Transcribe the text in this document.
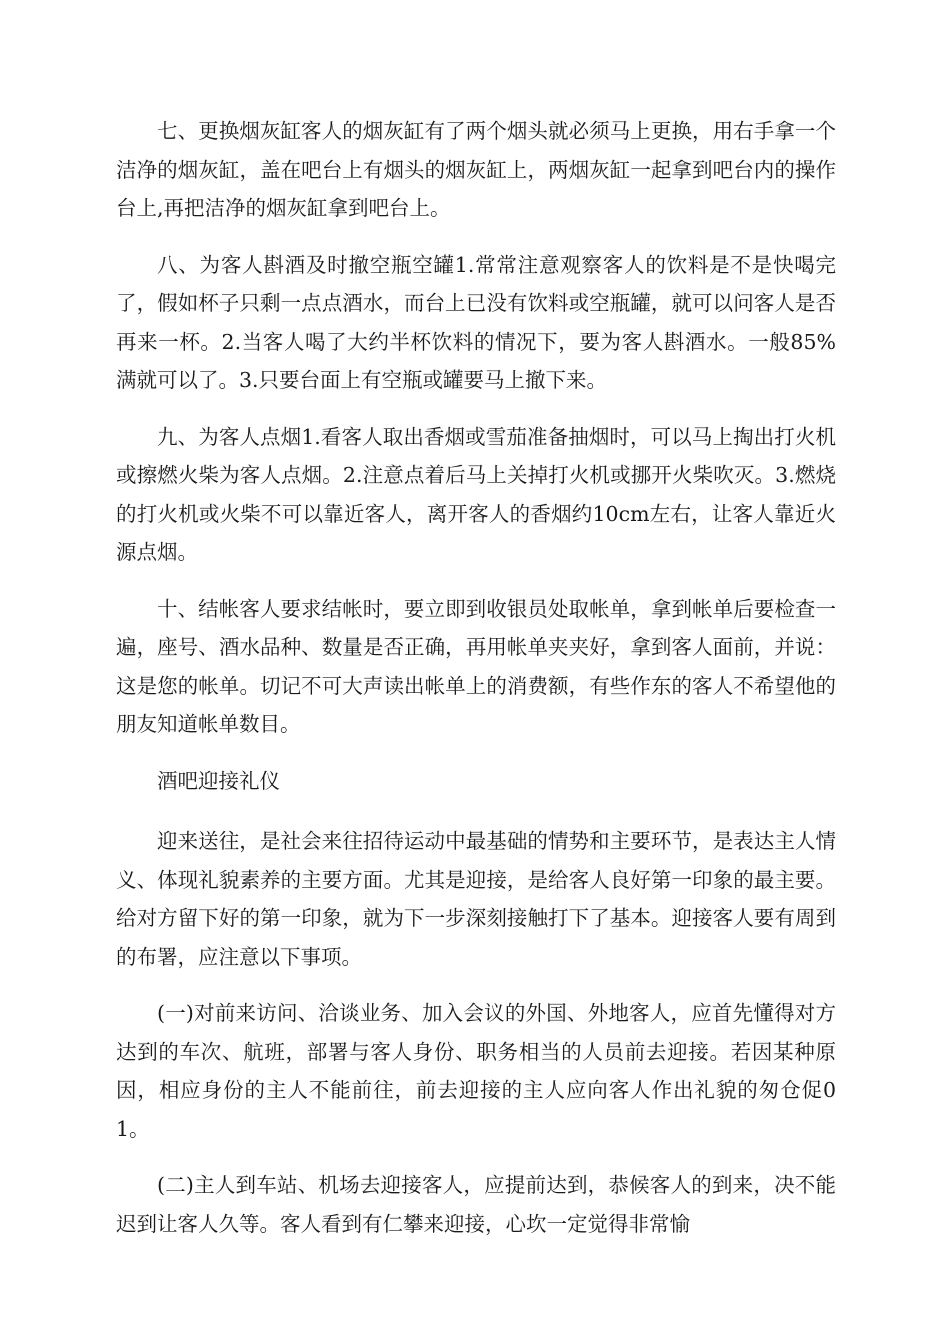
七、更换烟灰缸客人的烟灰缸有了两个烟头就必须马上更换，用右手拿一个洁净的烟灰缸，盖在吧台上有烟头的烟灰缸上，两烟灰缸一起拿到吧台内的操作台上,再把洁净的烟灰缸拿到吧台上。

八、为客人斟酒及时撤空瓶空罐1.常常注意观察客人的饮料是不是快喝完了，假如杯子只剩一点点酒水，而台上已没有饮料或空瓶罐，就可以问客人是否再来一杯。2.当客人喝了大约半杯饮料的情况下，要为客人斟酒水。一般85%满就可以了。3.只要台面上有空瓶或罐要马上撤下来。

九、为客人点烟1.看客人取出香烟或雪茄准备抽烟时，可以马上掏出打火机或擦燃火柴为客人点烟。2.注意点着后马上关掉打火机或挪开火柴吹灭。3.燃烧的打火机或火柴不可以靠近客人，离开客人的香烟约10cm左右，让客人靠近火源点烟。

十、结帐客人要求结帐时，要立即到收银员处取帐单，拿到帐单后要检查一遍，座号、酒水品种、数量是否正确，再用帐单夹夹好，拿到客人面前，并说：这是您的帐单。切记不可大声读出帐单上的消费额，有些作东的客人不希望他的朋友知道帐单数目。

酒吧迎接礼仪

迎来送往，是社会来往招待运动中最基础的情势和主要环节，是表达主人情义、体现礼貌素养的主要方面。尤其是迎接，是给客人良好第一印象的最主要。给对方留下好的第一印象，就为下一步深刻接触打下了基本。迎接客人要有周到的布署，应注意以下事项。

(一)对前来访问、洽谈业务、加入会议的外国、外地客人，应首先懂得对方达到的车次、航班，部署与客人身份、职务相当的人员前去迎接。若因某种原因，相应身份的主人不能前往，前去迎接的主人应向客人作出礼貌的匆仓促01。

(二)主人到车站、机场去迎接客人，应提前达到，恭候客人的到来，决不能迟到让客人久等。客人看到有仁攀来迎接，心坎一定觉得非常愉
